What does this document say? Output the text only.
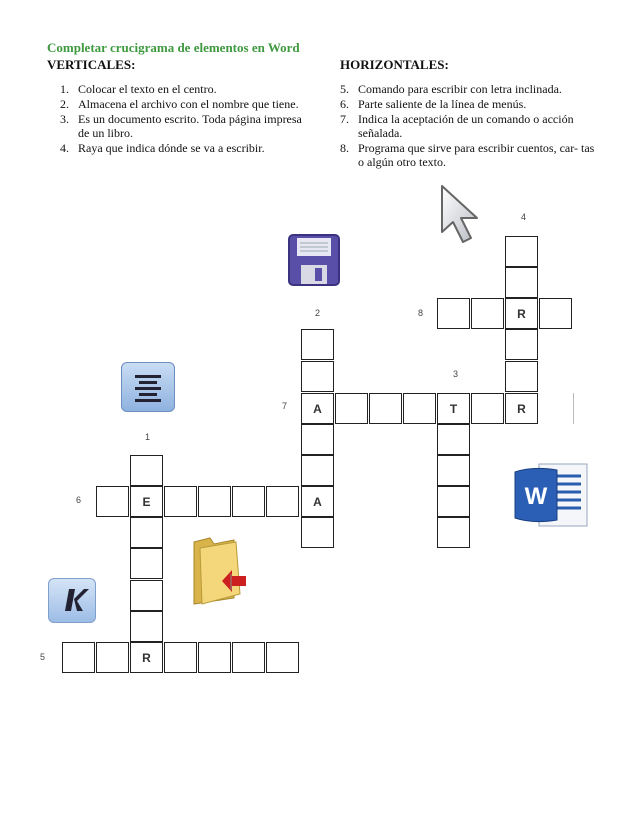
Completar crucigrama de elementos en Word
VERTICALES:	HORIZONTALES:
1. Colocar el texto en el centro.
2. Almacena el archivo con el nombre que tiene.
3. Es un documento escrito. Toda página impresa de un libro.
4. Raya que indica dónde se va a escribir.
5. Comando para escribir con letra inclinada.
6. Parte saliente de la línea de menús.
7. Indica la aceptación de un comando o acción señalada.
8. Programa que sirve para escribir cuentos, car- tas o algún otro texto.
4
2	8
3
7
1
6
5
R
A	T	R
E	A
R
W
